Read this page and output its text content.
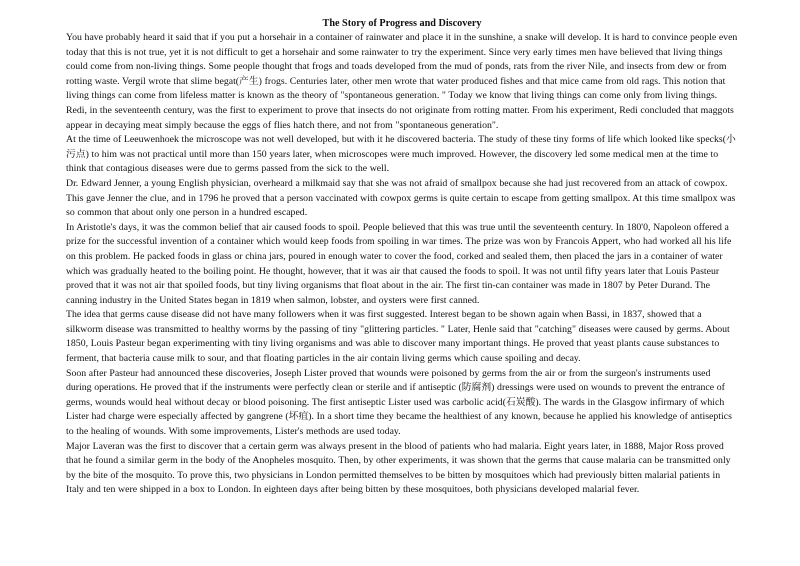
The Story of Progress and Discovery

You have probably heard it said that if you put a horsehair in a container of rainwater and place it in the sunshine, a snake will develop. It is hard to convince people even today that this is not true, yet it is not difficult to get a horsehair and some rainwater to try the experiment. Since very early times men have believed that living things could come from non-living things. Some people thought that frogs and toads developed from the mud of ponds, rats from the river Nile, and insects from dew or from rotting waste. Vergil wrote that slime begat(产生) frogs. Centuries later, other men wrote that water produced fishes and that mice came from old rags. This notion that living things can come from lifeless matter is known as the theory of "spontaneous generation. " Today we know that living things can come only from living things. Redi, in the seventeenth century, was the first to experiment to prove that insects do not originate from rotting matter. From his experiment, Redi concluded that maggots appear in decaying meat simply because the eggs of flies hatch there, and not from "spontaneous generation".

At the time of Leeuwenhoek the microscope was not well developed, but with it he discovered bacteria. The study of these tiny forms of life which looked like specks(小污点) to him was not practical until more than 150 years later, when microscopes were much improved. However, the discovery led some medical men at the time to think that contagious diseases were due to germs passed from the sick to the well.

Dr. Edward Jenner, a young English physician, overheard a milkmaid say that she was not afraid of smallpox because she had just recovered from an attack of cowpox. This gave Jenner the clue, and in 1796 he proved that a person vaccinated with cowpox germs is quite certain to escape from getting smallpox. At this time smallpox was so common that about only one person in a hundred escaped.

In Aristotle's days, it was the common belief that air caused foods to spoil. People believed that this was true until the seventeenth century. In 180'0, Napoleon offered a prize for the successful invention of a container which would keep foods from spoiling in war times. The prize was won by Francois Appert, who had worked all his life on this problem. He packed foods in glass or china jars, poured in enough water to cover the food, corked and sealed them, then placed the jars in a container of water which was gradually heated to the boiling point. He thought, however, that it was air that caused the foods to spoil. It was not until fifty years later that Louis Pasteur proved that it was not air that spoiled foods, but tiny living organisms that float about in the air. The first tin-can container was made in 1807 by Peter Durand. The canning industry in the United States began in 1819 when salmon, lobster, and oysters were first canned.

The idea that germs cause disease did not have many followers when it was first suggested. Interest began to be shown again when Bassi, in 1837, showed that a silkworm disease was transmitted to healthy worms by the passing of tiny "glittering particles. " Later, Henle said that "catching" diseases were caused by germs. About 1850, Louis Pasteur began experimenting with tiny living organisms and was able to discover many important things. He proved that yeast plants cause substances to ferment, that bacteria cause milk to sour, and that floating particles in the air contain living germs which cause spoiling and decay.

Soon after Pasteur had announced these discoveries, Joseph Lister proved that wounds were poisoned by germs from the air or from the surgeon's instruments used during operations. He proved that if the instruments were perfectly clean or sterile and if antiseptic (防腐剂) dressings were used on wounds to prevent the entrance of germs, wounds would heal without decay or blood poisoning. The first antiseptic Lister used was carbolic acid(石炭酸). The wards in the Glasgow infirmary of which Lister had charge were especially affected by gangrene (坏疽). In a short time they became the healthiest of any known, because he applied his knowledge of antiseptics to the healing of wounds. With some improvements, Lister's methods are used today.

Major Laveran was the first to discover that a certain germ was always present in the blood of patients who had malaria. Eight years later, in 1888, Major Ross proved that he found a similar germ in the body of the Anopheles mosquito. Then, by other experiments, it was shown that the germs that cause malaria can be transmitted only by the bite of the mosquito. To prove this, two physicians in London permitted themselves to be bitten by mosquitoes which had previously bitten malarial patients in Italy and ten were shipped in a box to London. In eighteen days after being bitten by these mosquitoes, both physicians developed malarial fever.
